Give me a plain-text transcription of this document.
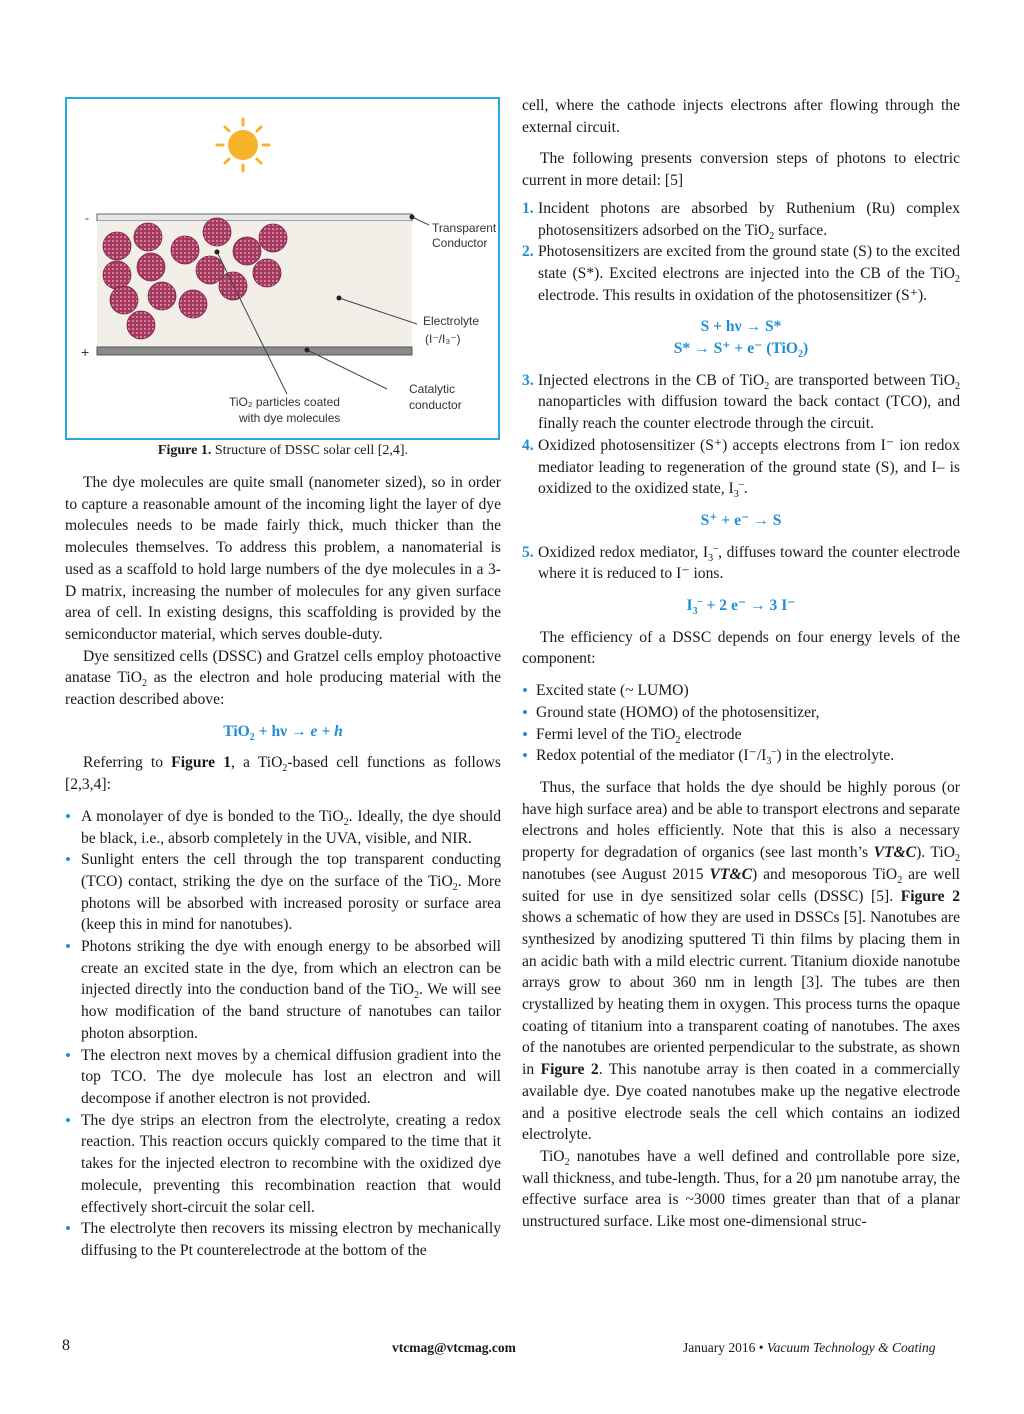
-
+
Transparent
Conductor
Electrolyte
(I⁻/I₃⁻)
Catalytic
conductor
TiO₂ particles coated
with dye molecules
Figure 1. Structure of DSSC solar cell [2,4].

The dye molecules are quite small (nanometer sized), so in order to capture a reasonable amount of the incoming light the layer of dye molecules needs to be made fairly thick, much thicker than the molecules themselves. To address this problem, a nanomaterial is used as a scaffold to hold large numbers of the dye molecules in a 3-D matrix, increasing the number of molecules for any given surface area of cell. In existing designs, this scaffolding is provided by the semiconductor material, which serves double-duty.

Dye sensitized cells (DSSC) and Gratzel cells employ photoactive anatase TiO$_2$ as the electron and hole producing material with the reaction described above:

TiO$_2$ + hν → e + h

Referring to Figure 1, a TiO$_2$-based cell functions as follows [2,3,4]:

• A monolayer of dye is bonded to the TiO$_2$. Ideally, the dye should be black, i.e., absorb completely in the UVA, visible, and NIR.
• Sunlight enters the cell through the top transparent conducting (TCO) contact, striking the dye on the surface of the TiO$_2$. More photons will be absorbed with increased porosity or surface area (keep this in mind for nanotubes).
• Photons striking the dye with enough energy to be absorbed will create an excited state in the dye, from which an electron can be injected directly into the conduction band of the TiO$_2$. We will see how modification of the band structure of nanotubes can tailor photon absorption.
• The electron next moves by a chemical diffusion gradient into the top TCO. The dye molecule has lost an electron and will decompose if another electron is not provided.
• The dye strips an electron from the electrolyte, creating a redox reaction. This reaction occurs quickly compared to the time that it takes for the injected electron to recombine with the oxidized dye molecule, preventing this recombination reaction that would effectively short-circuit the solar cell.
• The electrolyte then recovers its missing electron by mechanically diffusing to the Pt counterelectrode at the bottom of the

cell, where the cathode injects electrons after flowing through the external circuit.

The following presents conversion steps of photons to electric current in more detail: [5]

1. Incident photons are absorbed by Ruthenium (Ru) complex photosensitizers adsorbed on the TiO$_2$ surface.
2. Photosensitizers are excited from the ground state (S) to the excited state (S*). Excited electrons are injected into the CB of the TiO$_2$ electrode. This results in oxidation of the photosensitizer (S⁺).

S + hν → S*

S* → S⁺ + e⁻ (TiO$_2$)

3. Injected electrons in the CB of TiO$_2$ are transported between TiO$_2$ nanoparticles with diffusion toward the back contact (TCO), and finally reach the counter electrode through the circuit.
4. Oxidized photosensitizer (S⁺) accepts electrons from I⁻ ion redox mediator leading to regeneration of the ground state (S), and I– is oxidized to the oxidized state, $I_3^-$.

S⁺ + e⁻ → S

5. Oxidized redox mediator, $I_3^-$, diffuses toward the counter electrode where it is reduced to I⁻ ions.

$I_3^- + 2$ e⁻ → 3 I⁻

The efficiency of a DSSC depends on four energy levels of the component:

• Excited state (~ LUMO)
• Ground state (HOMO) of the photosensitizer,
• Fermi level of the TiO$_2$ electrode
• Redox potential of the mediator $(I^-/I_3^-)$ in the electrolyte.

Thus, the surface that holds the dye should be highly porous (or have high surface area) and be able to transport electrons and separate electrons and holes efficiently. Note that this is also a necessary property for degradation of organics (see last month’s VT&C). TiO$_2$ nanotubes (see August 2015 VT&C) and mesoporous TiO$_2$ are well suited for use in dye sensitized solar cells (DSSC) [5]. Figure 2 shows a schematic of how they are used in DSSCs [5]. Nanotubes are synthesized by anodizing sputtered Ti thin films by placing them in an acidic bath with a mild electric current. Titanium dioxide nanotube arrays grow to about 360 nm in length [3]. The tubes are then crystallized by heating them in oxygen. This process turns the opaque coating of titanium into a transparent coating of nanotubes. The axes of the nanotubes are oriented perpendicular to the substrate, as shown in Figure 2. This nanotube array is then coated in a commercially available dye. Dye coated nanotubes make up the negative electrode and a positive electrode seals the cell which contains an iodized electrolyte.

TiO$_2$ nanotubes have a well defined and controllable pore size, wall thickness, and tube-length. Thus, for a 20 µm nanotube array, the effective surface area is ~3000 times greater than that of a planar unstructured surface. Like most one-dimensional struc-

8	vtcmag@vtcmag.com	January 2016 • Vacuum Technology & Coating
